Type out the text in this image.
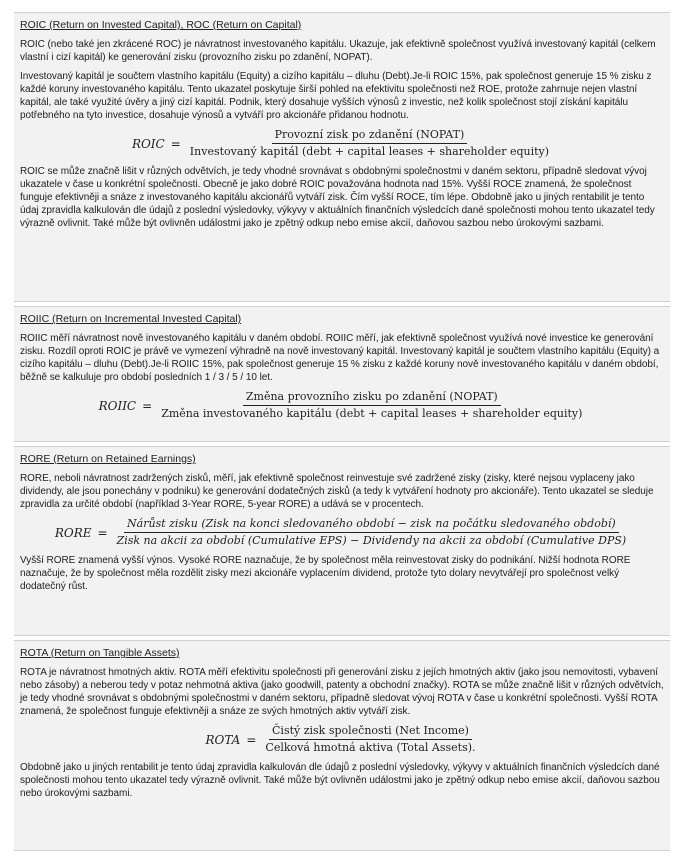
ROIC (Return on Invested Capital), ROC (Return on Capital)

ROIC (nebo také jen zkrácené ROC) je návratnost investovaného kapitálu. Ukazuje, jak efektivně společnost využívá investovaný kapitál (celkem vlastní i cizí kapitál) ke generování zisku (provozního zisku po zdanění, NOPAT).

Investovaný kapitál je součtem vlastního kapitálu (Equity) a cizího kapitálu – dluhu (Debt).Je-li ROIC 15%, pak společnost generuje 15 % zisku z každé koruny investovaného kapitálu. Tento ukazatel poskytuje širší pohled na efektivitu společnosti než ROE, protože zahrnuje nejen vlastní kapitál, ale také využité úvěry a jiný cizí kapitál. Podnik, který dosahuje vyšších výnosů z investic, než kolik společnost stojí získání kapitálu potřebného na tyto investice, dosahuje výnosů a vytváří pro akcionáře přidanou hodnotu.

ROIC =
Provozní zisk po zdanění (NOPAT)
Investovaný kapitál (debt + capital leases + shareholder equity)

ROIC se může značně lišit v různých odvětvích, je tedy vhodné srovnávat s obdobnými společnostmi v daném sektoru, případně sledovat vývoj ukazatele v čase u konkrétní společnosti. Obecně je jako dobré ROIC považována hodnota nad 15%. Vyšší ROCE znamená, že společnost funguje efektivněji a snáze z investovaného kapitálu akcionářů vytváří zisk. Čím vyšší ROCE, tím lépe. Obdobně jako u jiných rentabilit je tento údaj zpravidla kalkulován dle údajů z poslední výsledovky, výkyvy v aktuálních finančních výsledcích dané společnosti mohou tento ukazatel tedy výrazně ovlivnit. Také může být ovlivněn událostmi jako je zpětný odkup nebo emise akcií, daňovou sazbou nebo úrokovými sazbami.

ROIIC (Return on Incremental Invested Capital)

ROIIC měří návratnost nově investovaného kapitálu v daném období. ROIIC měří, jak efektivně společnost využívá nové investice ke generování zisku. Rozdíl oproti ROIC je právě ve vymezení výhradně na nově investovaný kapitál. Investovaný kapitál je součtem vlastního kapitálu (Equity) a cizího kapitálu – dluhu (Debt).Je-li ROIIC 15%, pak společnost generuje 15 % zisku z každé koruny nově investovaného kapitálu v daném období, běžně se kalkuluje pro období posledních 1 / 3 / 5 / 10 let.

ROIIC =
Změna provozního zisku po zdanění (NOPAT)
Změna investovaného kapitálu (debt + capital leases + shareholder equity)
RORE (Return on Retained Earnings)

RORE, neboli návratnost zadržených zisků, měří, jak efektivně společnost reinvestuje své zadržené zisky (zisky, které nejsou vyplaceny jako dividendy, ale jsou ponechány v podniku) ke generování dodatečných zisků (a tedy k vytváření hodnoty pro akcionáře). Tento ukazatel se sleduje zpravidla za určité období (například 3-Year RORE, 5-year RORE) a udává se v procentech.

RORE =
Nárůst zisku (Zisk na konci sledovaného období − zisk na počátku sledovaného období)
Zisk na akcii za období (Cumulative EPS) − Dividendy na akcii za období (Cumulative DPS)

Vyšší RORE znamená vyšší výnos. Vysoké RORE naznačuje, že by společnost měla reinvestovat zisky do podnikání. Nižší hodnota RORE naznačuje, že by společnost měla rozdělit zisky mezi akcionáře vyplacením dividend, protože tyto dolary nevytvářejí pro společnost velký dodatečný růst.

ROTA (Return on Tangible Assets)

ROTA je návratnost hmotných aktiv. ROTA měří efektivitu společnosti při generování zisku z jejích hmotných aktiv (jako jsou nemovitosti, vybavení nebo zásoby) a neberou tedy v potaz nehmotná aktiva (jako goodwill, patenty a obchodní značky). ROTA se může značně lišit v různých odvětvích, je tedy vhodné srovnávat s obdobnými společnostmi v daném sektoru, případně sledovat vývoj ROTA v čase u konkrétní společnosti. Vyšší ROTA znamená, že společnost funguje efektivněji a snáze ze svých hmotných aktiv vytváří zisk.

ROTA = $\frac{\text{Čistý zisk společnosti (Net Income)}}{\text{Celková hmotná aktiva (Total Assets).}}$

Obdobně jako u jiných rentabilit je tento údaj zpravidla kalkulován dle údajů z poslední výsledovky, výkyvy v aktuálních finančních výsledcích dané společnosti mohou tento ukazatel tedy výrazně ovlivnit. Také může být ovlivněn událostmi jako je zpětný odkup nebo emise akcií, daňovou sazbou nebo úrokovými sazbami.
